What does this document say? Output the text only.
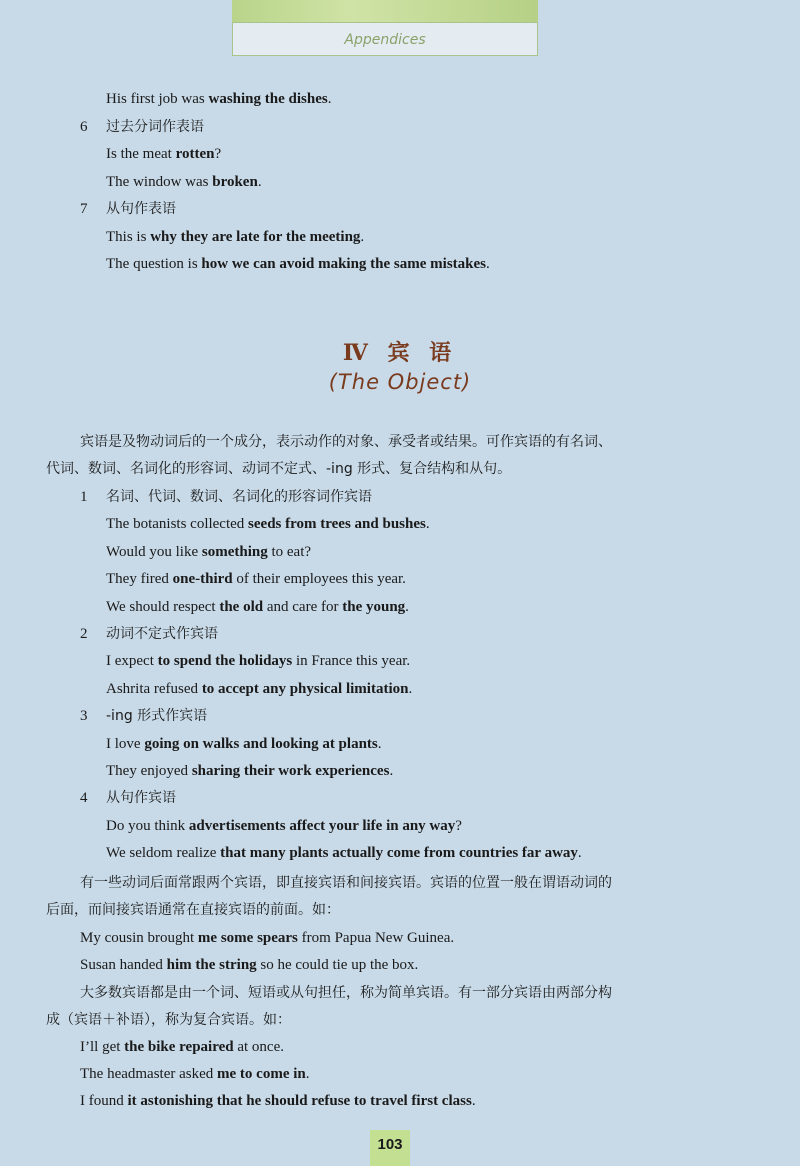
Appendices
His first job was washing the dishes.
6 过去分词作表语
Is the meat rotten?
The window was broken.
7 从句作表语
This is why they are late for the meeting.
The question is how we can avoid making the same mistakes.
Ⅳ 宾 语
(The Object)
宾语是及物动词后的一个成分，表示动作的对象、承受者或结果。可作宾语的有名词、
代词、数词、名词化的形容词、动词不定式、-ing 形式、复合结构和从句。
1 名词、代词、数词、名词化的形容词作宾语
The botanists collected seeds from trees and bushes.
Would you like something to eat?
They fired one-third of their employees this year.
We should respect the old and care for the young.
2 动词不定式作宾语
I expect to spend the holidays in France this year.
Ashrita refused to accept any physical limitation.
3 -ing 形式作宾语
I love going on walks and looking at plants.
They enjoyed sharing their work experiences.
4 从句作宾语
Do you think advertisements affect your life in any way?
We seldom realize that many plants actually come from countries far away.
有一些动词后面常跟两个宾语，即直接宾语和间接宾语。宾语的位置一般在谓语动词的
后面，而间接宾语通常在直接宾语的前面。如：
My cousin brought me some spears from Papua New Guinea.
Susan handed him the string so he could tie up the box.
大多数宾语都是由一个词、短语或从句担任，称为简单宾语。有一部分宾语由两部分构
成（宾语＋补语），称为复合宾语。如：
I’ll get the bike repaired at once.
The headmaster asked me to come in.
I found it astonishing that he should refuse to travel first class.
103
